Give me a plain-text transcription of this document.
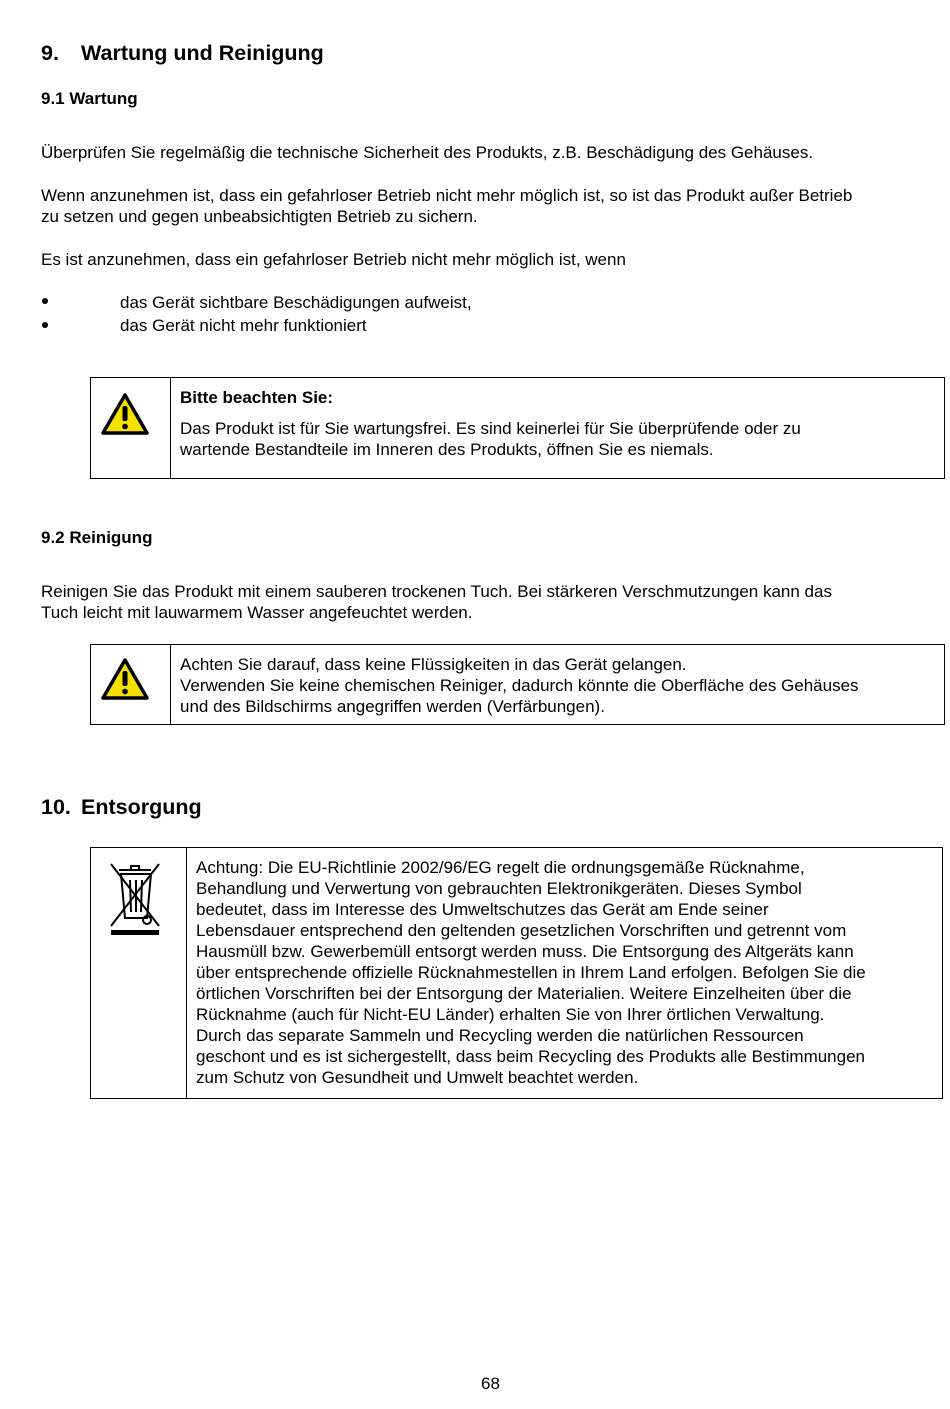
9. Wartung und Reinigung
9.1 Wartung
Überprüfen Sie regelmäßig die technische Sicherheit des Produkts, z.B. Beschädigung des Gehäuses.
Wenn anzunehmen ist, dass ein gefahrloser Betrieb nicht mehr möglich ist, so ist das Produkt außer Betrieb
zu setzen und gegen unbeabsichtigten Betrieb zu sichern.
Es ist anzunehmen, dass ein gefahrloser Betrieb nicht mehr möglich ist, wenn
das Gerät sichtbare Beschädigungen aufweist,
das Gerät nicht mehr funktioniert
Bitte beachten Sie:
Das Produkt ist für Sie wartungsfrei. Es sind keinerlei für Sie überprüfende oder zu
wartende Bestandteile im Inneren des Produkts, öffnen Sie es niemals.
9.2 Reinigung
Reinigen Sie das Produkt mit einem sauberen trockenen Tuch. Bei stärkeren Verschmutzungen kann das
Tuch leicht mit lauwarmem Wasser angefeuchtet werden.
Achten Sie darauf, dass keine Flüssigkeiten in das Gerät gelangen.
Verwenden Sie keine chemischen Reiniger, dadurch könnte die Oberfläche des Gehäuses
und des Bildschirms angegriffen werden (Verfärbungen).
10. Entsorgung
Achtung: Die EU-Richtlinie 2002/96/EG regelt die ordnungsgemäße Rücknahme,
Behandlung und Verwertung von gebrauchten Elektronikgeräten. Dieses Symbol
bedeutet, dass im Interesse des Umweltschutzes das Gerät am Ende seiner
Lebensdauer entsprechend den geltenden gesetzlichen Vorschriften und getrennt vom
Hausmüll bzw. Gewerbemüll entsorgt werden muss. Die Entsorgung des Altgeräts kann
über entsprechende offizielle Rücknahmestellen in Ihrem Land erfolgen. Befolgen Sie die
örtlichen Vorschriften bei der Entsorgung der Materialien. Weitere Einzelheiten über die
Rücknahme (auch für Nicht-EU Länder) erhalten Sie von Ihrer örtlichen Verwaltung.
Durch das separate Sammeln und Recycling werden die natürlichen Ressourcen
geschont und es ist sichergestellt, dass beim Recycling des Produkts alle Bestimmungen
zum Schutz von Gesundheit und Umwelt beachtet werden.
68
